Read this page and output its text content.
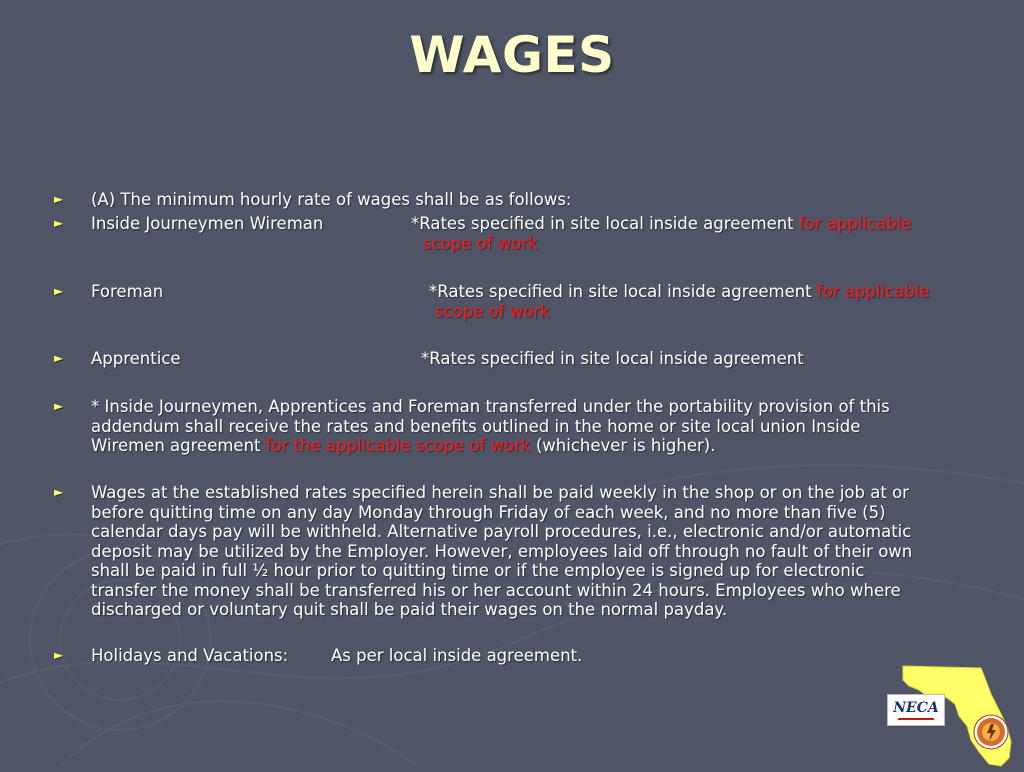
WAGES
► (A) The minimum hourly rate of wages shall be as follows:
► Inside Journeymen Wireman	*Rates specified in site local inside agreement for applicable
scope of work
► Foreman	*Rates specified in site local inside agreement for applicable
scope of work
► Apprentice	*Rates specified in site local inside agreement
► * Inside Journeymen, Apprentices and Foreman transferred under the portability provision of this
addendum shall receive the rates and benefits outlined in the home or site local union Inside
Wiremen agreement for the applicable scope of work (whichever is higher).
► Wages at the established rates specified herein shall be paid weekly in the shop or on the job at or
before quitting time on any day Monday through Friday of each week, and no more than five (5)
calendar days pay will be withheld. Alternative payroll procedures, i.e., electronic and/or automatic
deposit may be utilized by the Employer. However, employees laid off through no fault of their own
shall be paid in full ½ hour prior to quitting time or if the employee is signed up for electronic
transfer the money shall be transferred his or her account within 24 hours. Employees who where
discharged or voluntary quit shall be paid their wages on the normal payday.
► Holidays and Vacations:	As per local inside agreement.
NECA
